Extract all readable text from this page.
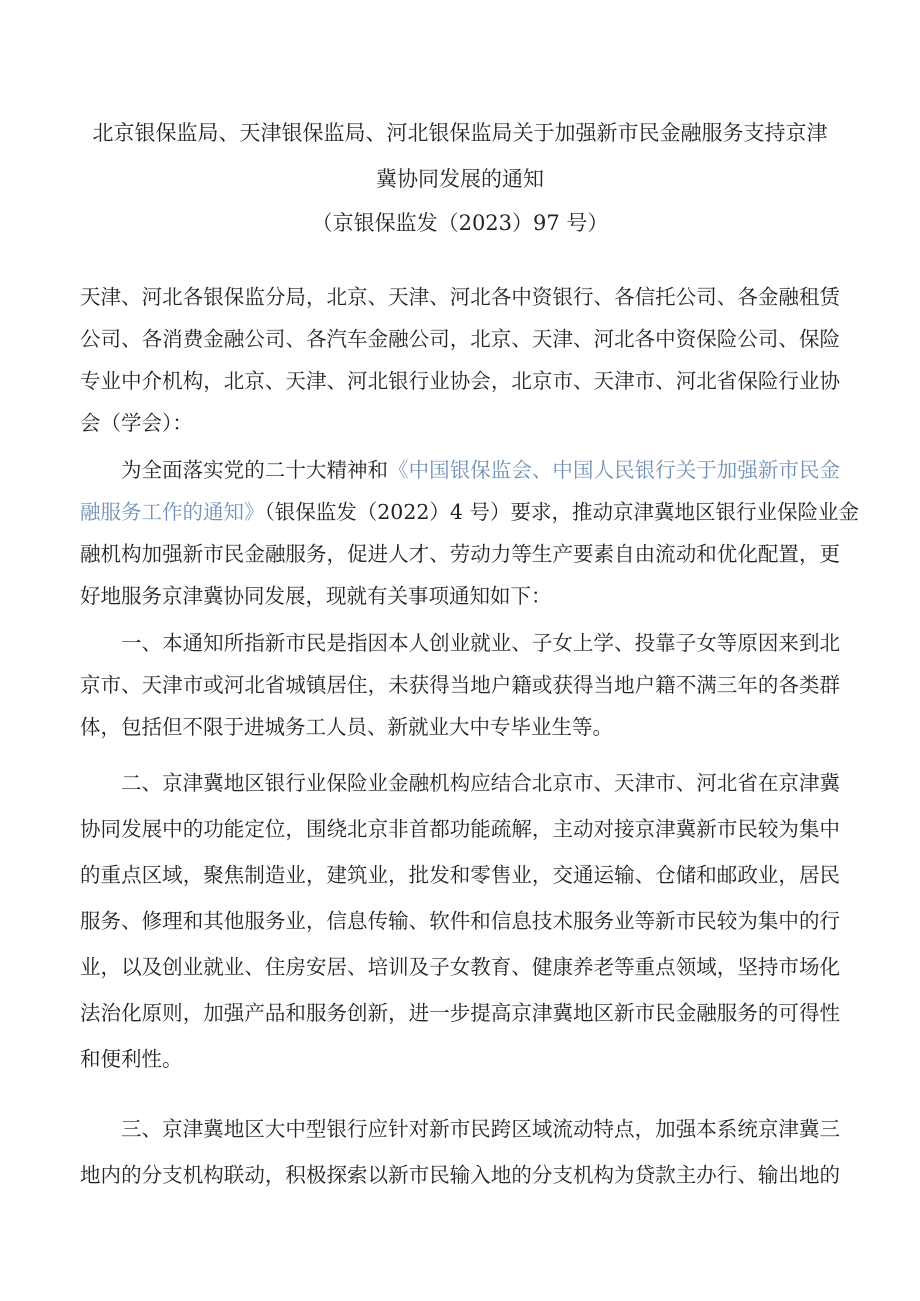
北京银保监局、天津银保监局、河北银保监局关于加强新市民金融服务支持京津
冀协同发展的通知
（京银保监发（2023）97 号）
天津、河北各银保监分局，北京、天津、河北各中资银行、各信托公司、各金融租赁
公司、各消费金融公司、各汽车金融公司，北京、天津、河北各中资保险公司、保险
专业中介机构，北京、天津、河北银行业协会，北京市、天津市、河北省保险行业协
会（学会）：
为全面落实党的二十大精神和《中国银保监会、中国人民银行关于加强新市民金
融服务工作的通知》（银保监发（2022）4 号）要求，推动京津冀地区银行业保险业金
融机构加强新市民金融服务，促进人才、劳动力等生产要素自由流动和优化配置，更
好地服务京津冀协同发展，现就有关事项通知如下：
一、本通知所指新市民是指因本人创业就业、子女上学、投靠子女等原因来到北
京市、天津市或河北省城镇居住，未获得当地户籍或获得当地户籍不满三年的各类群
体，包括但不限于进城务工人员、新就业大中专毕业生等。
二、京津冀地区银行业保险业金融机构应结合北京市、天津市、河北省在京津冀
协同发展中的功能定位，围绕北京非首都功能疏解，主动对接京津冀新市民较为集中
的重点区域，聚焦制造业，建筑业，批发和零售业，交通运输、仓储和邮政业，居民
服务、修理和其他服务业，信息传输、软件和信息技术服务业等新市民较为集中的行
业，以及创业就业、住房安居、培训及子女教育、健康养老等重点领域，坚持市场化
法治化原则，加强产品和服务创新，进一步提高京津冀地区新市民金融服务的可得性
和便利性。
三、京津冀地区大中型银行应针对新市民跨区域流动特点，加强本系统京津冀三
地内的分支机构联动，积极探索以新市民输入地的分支机构为贷款主办行、输出地的
